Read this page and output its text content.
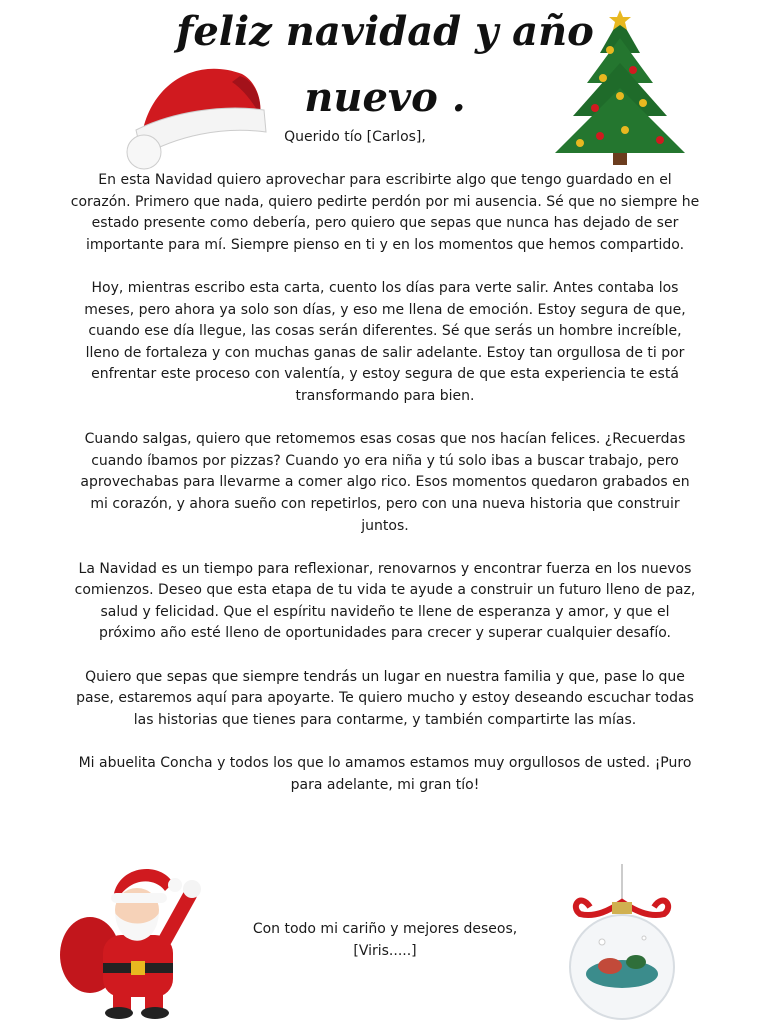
feliz navidad y año
nuevo .
Querido tío [Carlos],

En esta Navidad quiero aprovechar para escribirte algo que tengo guardado en el corazón. Primero que nada, quiero pedirte perdón por mi ausencia. Sé que no siempre he estado presente como debería, pero quiero que sepas que nunca has dejado de ser importante para mí. Siempre pienso en ti y en los momentos que hemos compartido.

Hoy, mientras escribo esta carta, cuento los días para verte salir. Antes contaba los meses, pero ahora ya solo son días, y eso me llena de emoción. Estoy segura de que, cuando ese día llegue, las cosas serán diferentes. Sé que serás un hombre increíble, lleno de fortaleza y con muchas ganas de salir adelante. Estoy tan orgullosa de ti por enfrentar este proceso con valentía, y estoy segura de que esta experiencia te está transformando para bien.

Cuando salgas, quiero que retomemos esas cosas que nos hacían felices. ¿Recuerdas cuando íbamos por pizzas? Cuando yo era niña y tú solo ibas a buscar trabajo, pero aprovechabas para llevarme a comer algo rico. Esos momentos quedaron grabados en mi corazón, y ahora sueño con repetirlos, pero con una nueva historia que construir juntos.

La Navidad es un tiempo para reflexionar, renovarnos y encontrar fuerza en los nuevos comienzos. Deseo que esta etapa de tu vida te ayude a construir un futuro lleno de paz, salud y felicidad. Que el espíritu navideño te llene de esperanza y amor, y que el próximo año esté lleno de oportunidades para crecer y superar cualquier desafío.

Quiero que sepas que siempre tendrás un lugar en nuestra familia y que, pase lo que pase, estaremos aquí para apoyarte. Te quiero mucho y estoy deseando escuchar todas las historias que tienes para contarme, y también compartirte las mías.

Mi abuelita Concha y todos los que lo amamos estamos muy orgullosos de usted. ¡Puro para adelante, mi gran tío!

Con todo mi cariño y mejores deseos,
[Viris.....]
